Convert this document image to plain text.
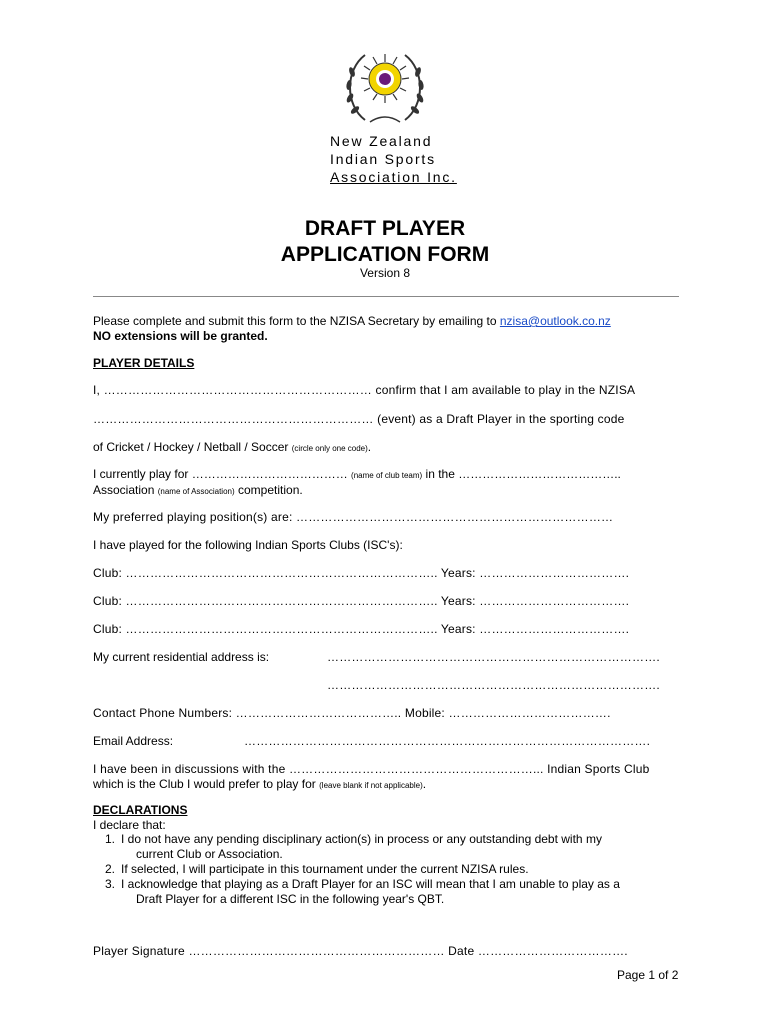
New Zealand
Indian Sports
Association Inc.
DRAFT PLAYER
APPLICATION FORM
Version 8
Please complete and submit this form to the NZISA Secretary by emailing to nzisa@outlook.co.nz
NO extensions will be granted.
PLAYER DETAILS
I, ………………………………………………………… confirm that I am available to play in the NZISA
…………………………………………………………… (event) as a Draft Player in the sporting code
of Cricket / Hockey / Netball / Soccer (circle only one code).
I currently play for ………………………………… (name of club team) in the …………………………………..
Association (name of Association) competition.
My preferred playing position(s) are: ……………………………………………………………………
I have played for the following Indian Sports Clubs (ISC's):
Club: ………………………………………………………………….. Years: ……………………………….
Club: ………………………………………………………………….. Years: ……………………………….
Club: ………………………………………………………………….. Years: ……………………………….
My current residential address is:	……………………………………………………………………….
……………………………………………………………………….
Contact Phone Numbers: ………………………………….. Mobile: ………………………………….
Email Address:	……………………………………………………………………………………….
I have been in discussions with the ……………………………………………………... Indian Sports Club
which is the Club I would prefer to play for (leave blank if not applicable).
DECLARATIONS
I declare that:
1. I do not have any pending disciplinary action(s) in process or any outstanding debt with my
current Club or Association.
2. If selected, I will participate in this tournament under the current NZISA rules.
3. I acknowledge that playing as a Draft Player for an ISC will mean that I am unable to play as a
Draft Player for a different ISC in the following year's QBT.
Player Signature ……………………………………………………… Date ……………………………….
Page 1 of 2
